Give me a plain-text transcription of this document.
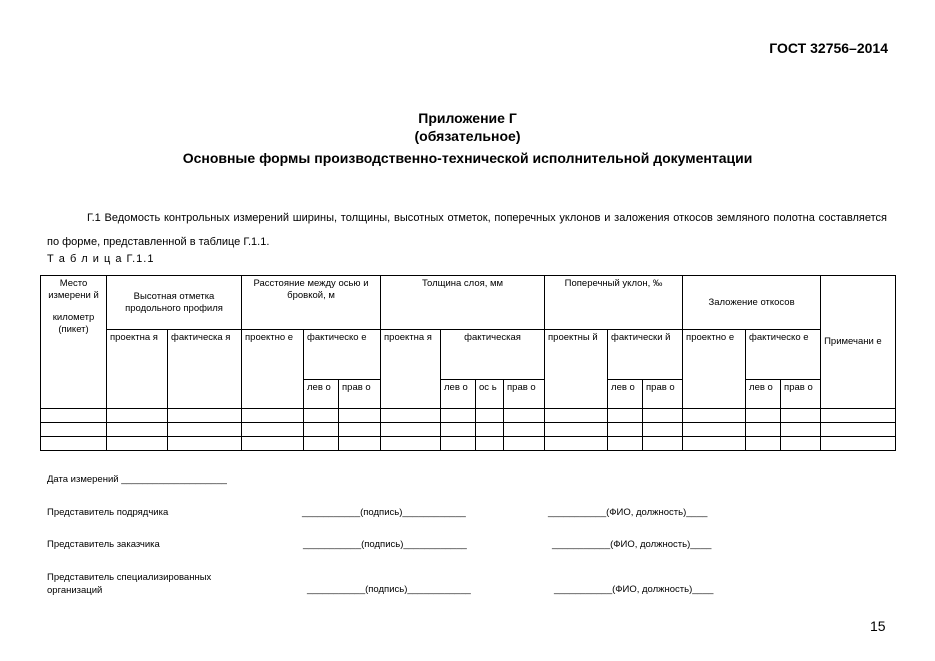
ГОСТ 32756–2014
Приложение Г
(обязательное)
Основные формы производственно-технической исполнительной документации
Г.1 Ведомость контрольных измерений ширины, толщины, высотных отметок, поперечных уклонов и заложения откосов земляного полотна составляется по форме, представленной в таблице Г.1.1.
Т а б л и ц а Г.1.1
Место измерени й
километр (пикет)	Высотная отметка продольного профиля		Расстояние между осью и бровкой, м			Толщина слоя, мм				Поперечный уклон, ‰			Заложение откосов			Примечани е
	проектна я	фактическа я	проектно е	фактическо е		проектна я	фактическая			проектны й	фактически й		проектно е	фактическо е		
				лев о	прав о		лев о	ос ь	прав о		лев о	прав о		лев о	прав о	

Дата измерений ____________________
Представитель подрядчика	___________(подпись)____________	___________(ФИО, должность)____
Представитель заказчика	___________(подпись)____________	___________(ФИО, должность)____
Представитель специализированных организаций	___________(подпись)____________	___________(ФИО, должность)____
15
